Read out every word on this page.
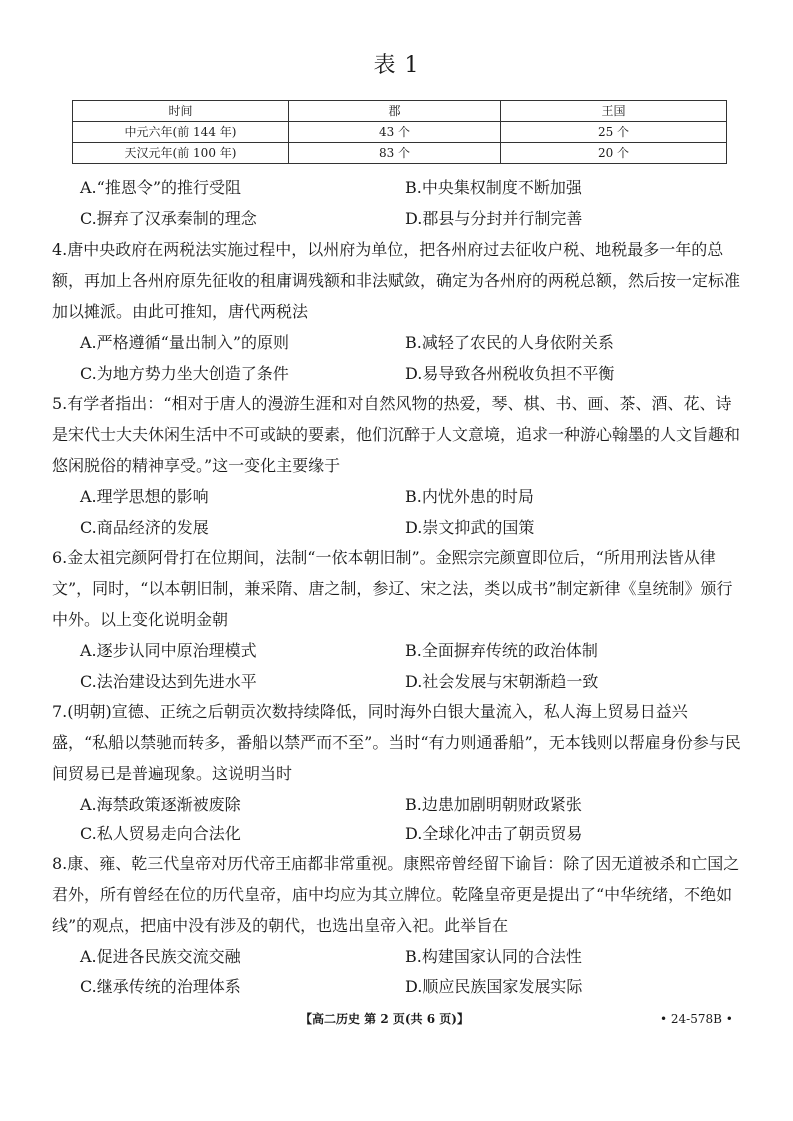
表 1
时间	郡	王国
中元六年(前 144 年)	43 个	25 个
天汉元年(前 100 年)	83 个	20 个
A.“推恩令”的推行受阻	B.中央集权制度不断加强
C.摒弃了汉承秦制的理念	D.郡县与分封并行制完善
4.唐中央政府在两税法实施过程中，以州府为单位，把各州府过去征收户税、地税最多一年的总额，再加上各州府原先征收的租庸调残额和非法赋敛，确定为各州府的两税总额，然后按一定标准加以摊派。由此可推知，唐代两税法
A.严格遵循“量出制入”的原则	B.减轻了农民的人身依附关系
C.为地方势力坐大创造了条件	D.易导致各州税收负担不平衡
5.有学者指出：“相对于唐人的漫游生涯和对自然风物的热爱，琴、棋、书、画、茶、酒、花、诗是宋代士大夫休闲生活中不可或缺的要素，他们沉醉于人文意境，追求一种游心翰墨的人文旨趣和悠闲脱俗的精神享受。”这一变化主要缘于
A.理学思想的影响	B.内忧外患的时局
C.商品经济的发展	D.崇文抑武的国策
6.金太祖完颜阿骨打在位期间，法制“一依本朝旧制”。金熙宗完颜亶即位后，“所用刑法皆从律文”，同时，“以本朝旧制，兼采隋、唐之制，参辽、宋之法，类以成书”制定新律《皇统制》颁行中外。以上变化说明金朝
A.逐步认同中原治理模式	B.全面摒弃传统的政治体制
C.法治建设达到先进水平	D.社会发展与宋朝渐趋一致
7.(明朝)宣德、正统之后朝贡次数持续降低，同时海外白银大量流入，私人海上贸易日益兴盛，“私船以禁驰而转多，番船以禁严而不至”。当时“有力则通番船”，无本钱则以帮雇身份参与民间贸易已是普遍现象。这说明当时
A.海禁政策逐渐被废除	B.边患加剧明朝财政紧张
C.私人贸易走向合法化	D.全球化冲击了朝贡贸易
8.康、雍、乾三代皇帝对历代帝王庙都非常重视。康熙帝曾经留下谕旨：除了因无道被杀和亡国之君外，所有曾经在位的历代皇帝，庙中均应为其立牌位。乾隆皇帝更是提出了“中华统绪，不绝如线”的观点，把庙中没有涉及的朝代，也选出皇帝入祀。此举旨在
A.促进各民族交流交融	B.构建国家认同的合法性
C.继承传统的治理体系	D.顺应民族国家发展实际
【高二历史 第 2 页(共 6 页)】	• 24-578B •
